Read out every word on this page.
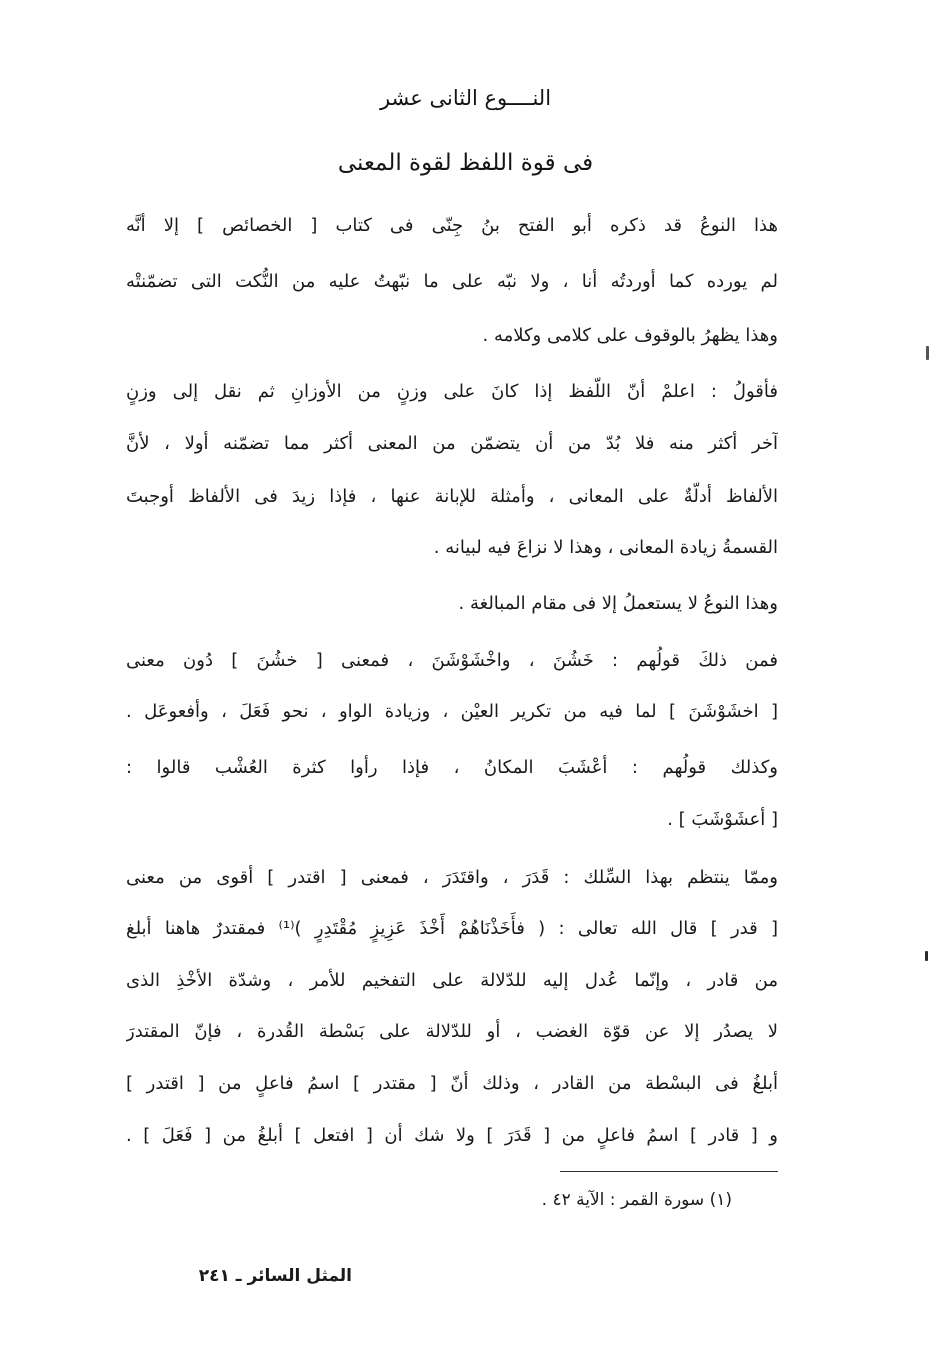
النــــوع الثانى عشر
فى قوة اللفظ لقوة المعنى
هذا النوعُ قد ذكره أبو الفتح بنُ جِنّى فى كتاب [ الخصائص ] إلا أنَّه
لم يورده كما أوردتُه أنا ، ولا نبّه على ما نبّهتُ عليه من النُّكت التى تضمّنتْه
وهذا يظهرُ بالوقوف على كلامى وكلامه .
فأقولُ : اعلمْ أنّ اللّفظ إذا كانَ على وزنٍ من الأوزانِ ثم نقل إلى وزنٍ
آخر أكثر منه فلا بُدّ من أن يتضمّن من المعنى أكثر مما تضمّنه أولا ، لأنَّ
الألفاظ أدلّةٌ على المعانى ، وأمثلة للإبانة عنها ، فإذا زيدَ فى الألفاظ أوجبتَ
القسمةُ زيادة المعانى ، وهذا لا نزاعَ فيه لبيانه .
وهذا النوعُ لا يستعملُ إلا فى مقام المبالغة .
فمن ذلكَ قولُهم : خَشُنَ ، واخْشَوْشَنَ ، فمعنى [ خشُنَ ] دُون معنى
[ اخشَوْشَنَ ] لما فيه من تكرير العيْن ، وزيادة الواو ، نحو فَعَلَ ، وأفعوعَل .
وكذلك قولُهم : أعْشَبَ المكانُ ، فإذا رأوا كثرة العُشْب قالوا :
[ أعشَوْشَبَ ] .
وممّا ينتظم بهذا السِّلك : قَدَرَ ، واقتَدَرَ ، فمعنى [ اقتدر ] أقوى من معنى
[ قدر ] قال الله تعالى : ( فأَخَذْنَاهُمْ أَخْذَ عَزِيزٍ مُقْتَدِرٍ )⁽¹⁾ فمقتدرٌ هاهنا أبلغ
من قادر ، وإنّما عُدل إليه للدّلالة على التفخيم للأمر ، وشدّة الأخْذِ الذى
لا يصدُر إلا عن قوّة الغضب ، أو للدّلالة على بَسْطة القُدرة ، فإنّ المقتدرَ
أبلغُ فى البسْطة من القادر ، وذلك أنّ [ مقتدر ] اسمُ فاعلٍ من [ اقتدر ]
و [ قادر ] اسمُ فاعلٍ من [ قَدَرَ ] ولا شك أن [ افتعل ] أبلغُ من [ فَعَلَ ] .
(١) سورة القمر : الآية ٤٢ .
المثل السائر ـ ٢٤١
